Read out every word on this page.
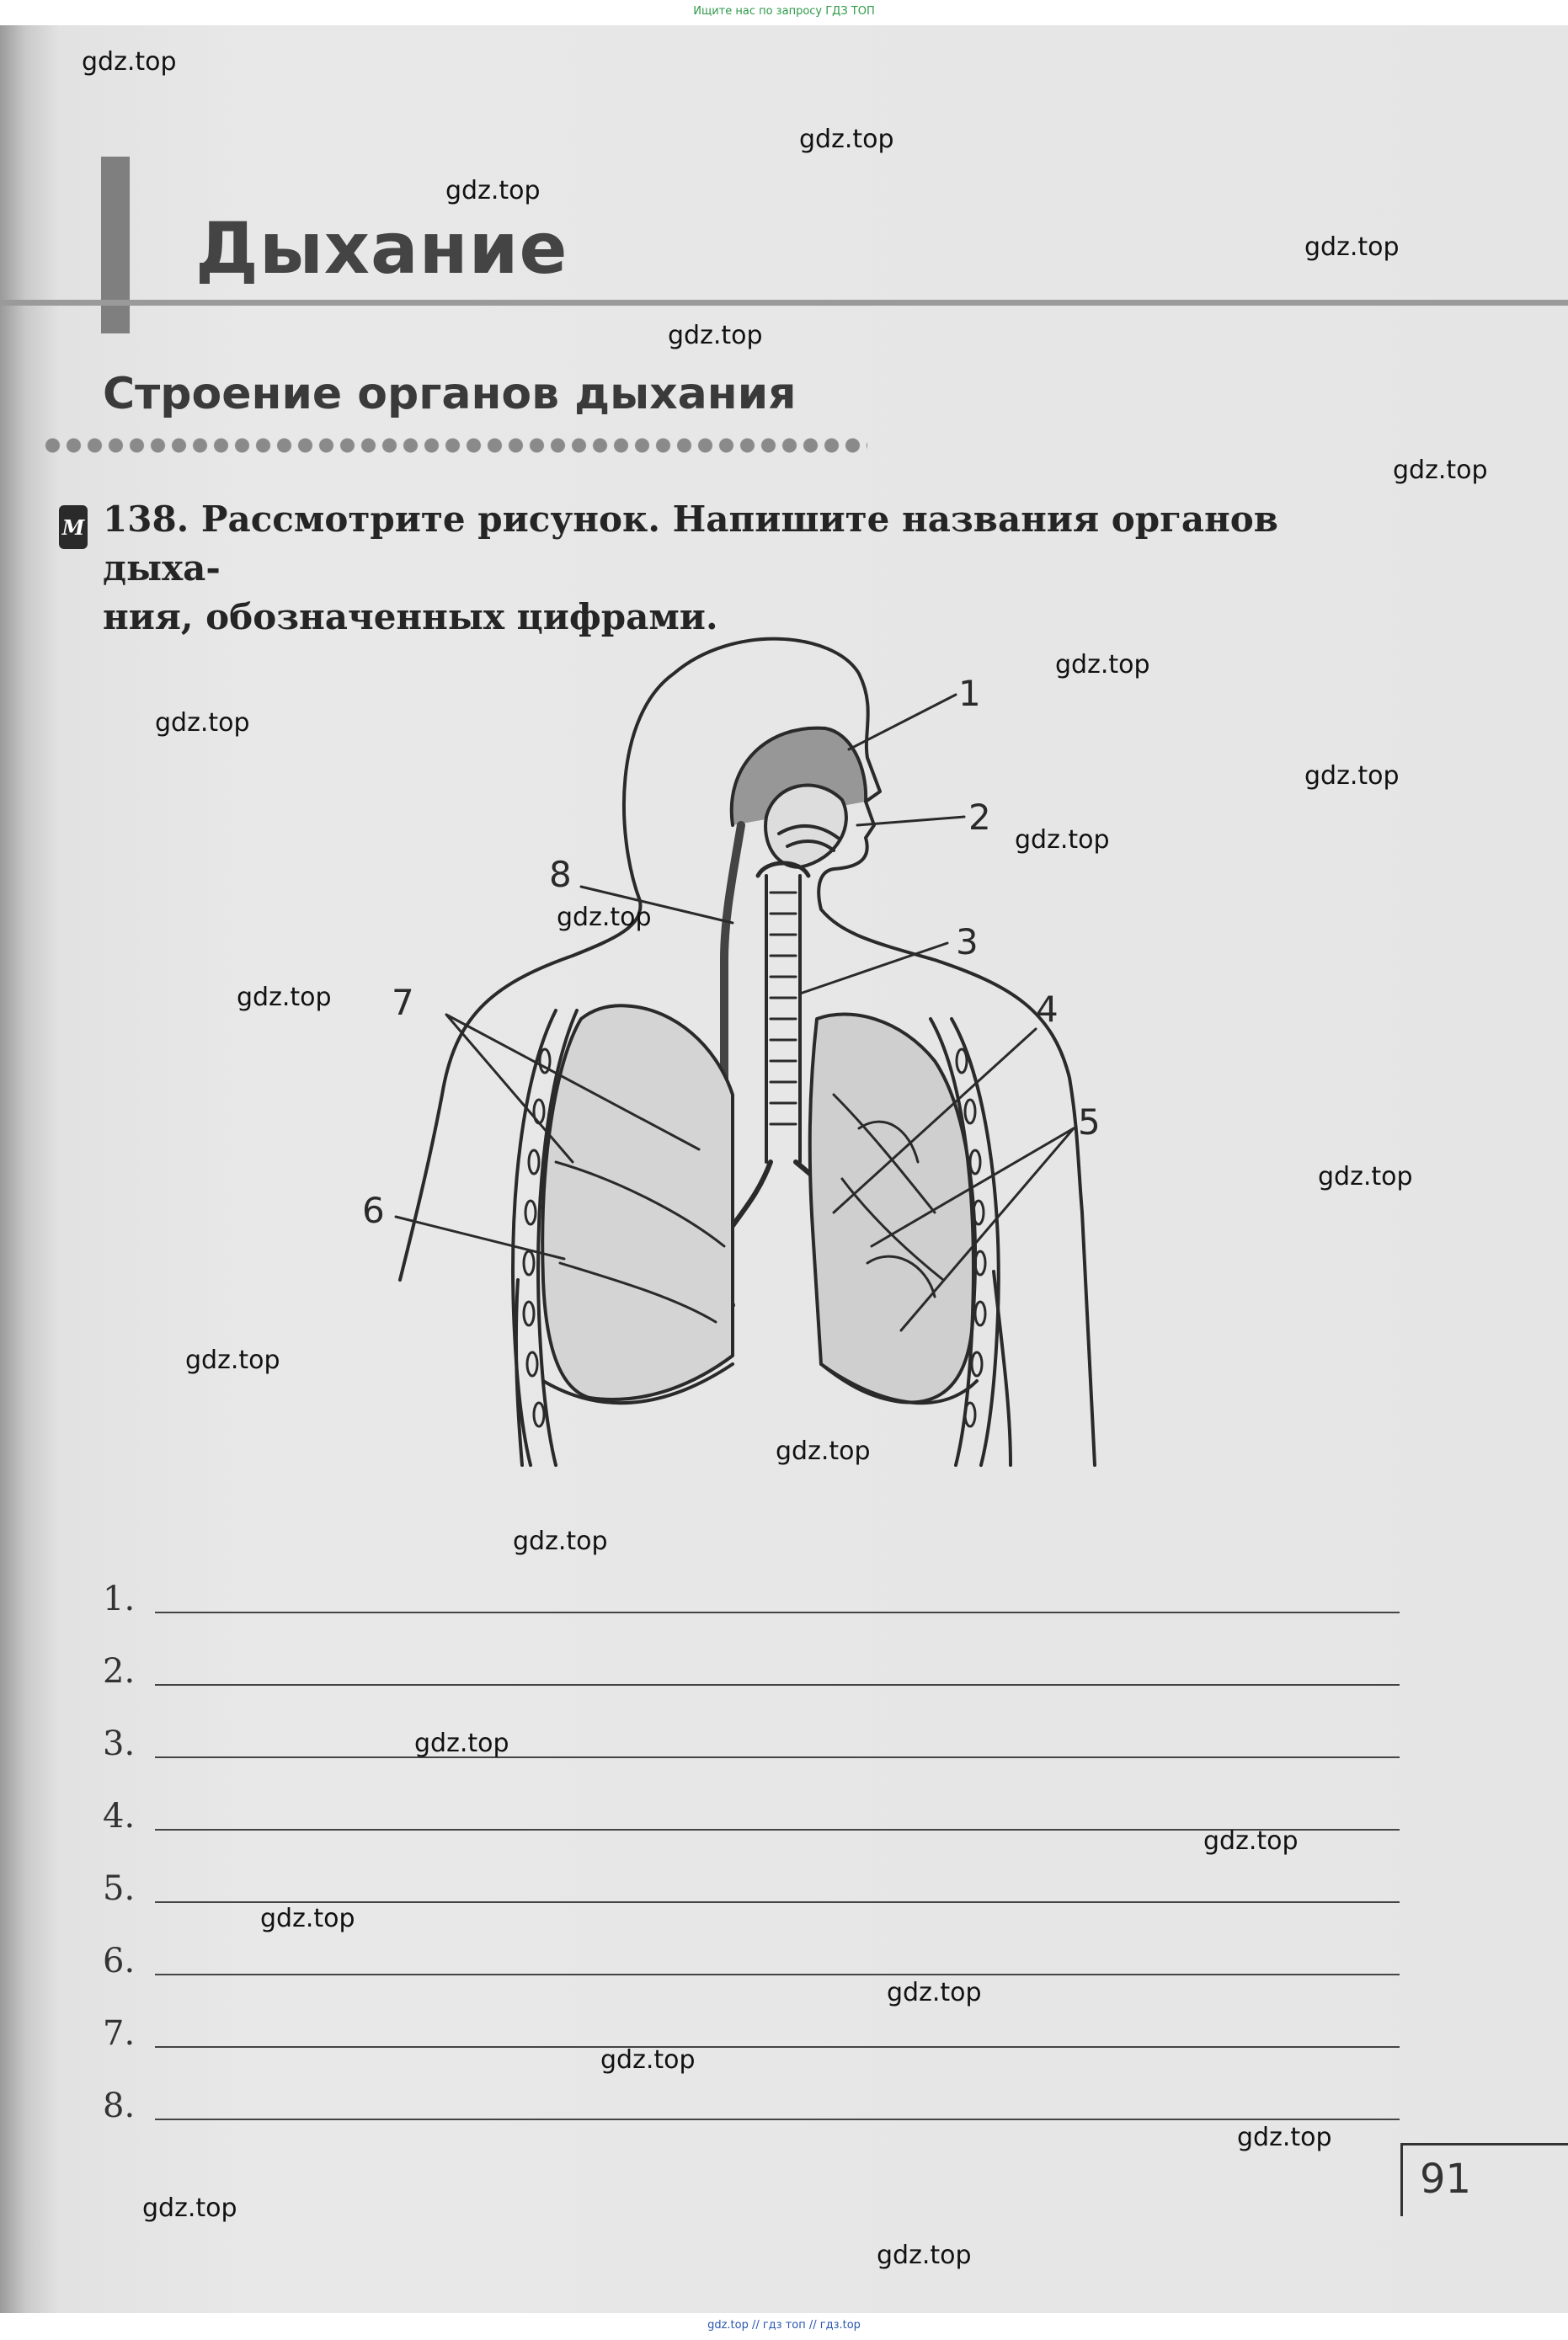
Ищите нас по запросу ГДЗ ТОП
Дыхание
Строение органов дыхания
М 138. Рассмотрите рисунок. Напишите названия органов дыха-
ния, обозначенных цифрами.
1
2
3
4
5
6
7
8
1.
2.
3.
4.
5.
6.
7.
8.
91
gdz.top
gdz.top
gdz.top
gdz.top
gdz.top
gdz.top
gdz.top
gdz.top
gdz.top
gdz.top
gdz.top
gdz.top
gdz.top
gdz.top
gdz.top
gdz.top
gdz.top
gdz.top
gdz.top
gdz.top
gdz.top
gdz.top
gdz.top
gdz.top
gdz.top // гдз топ // гдз.top
